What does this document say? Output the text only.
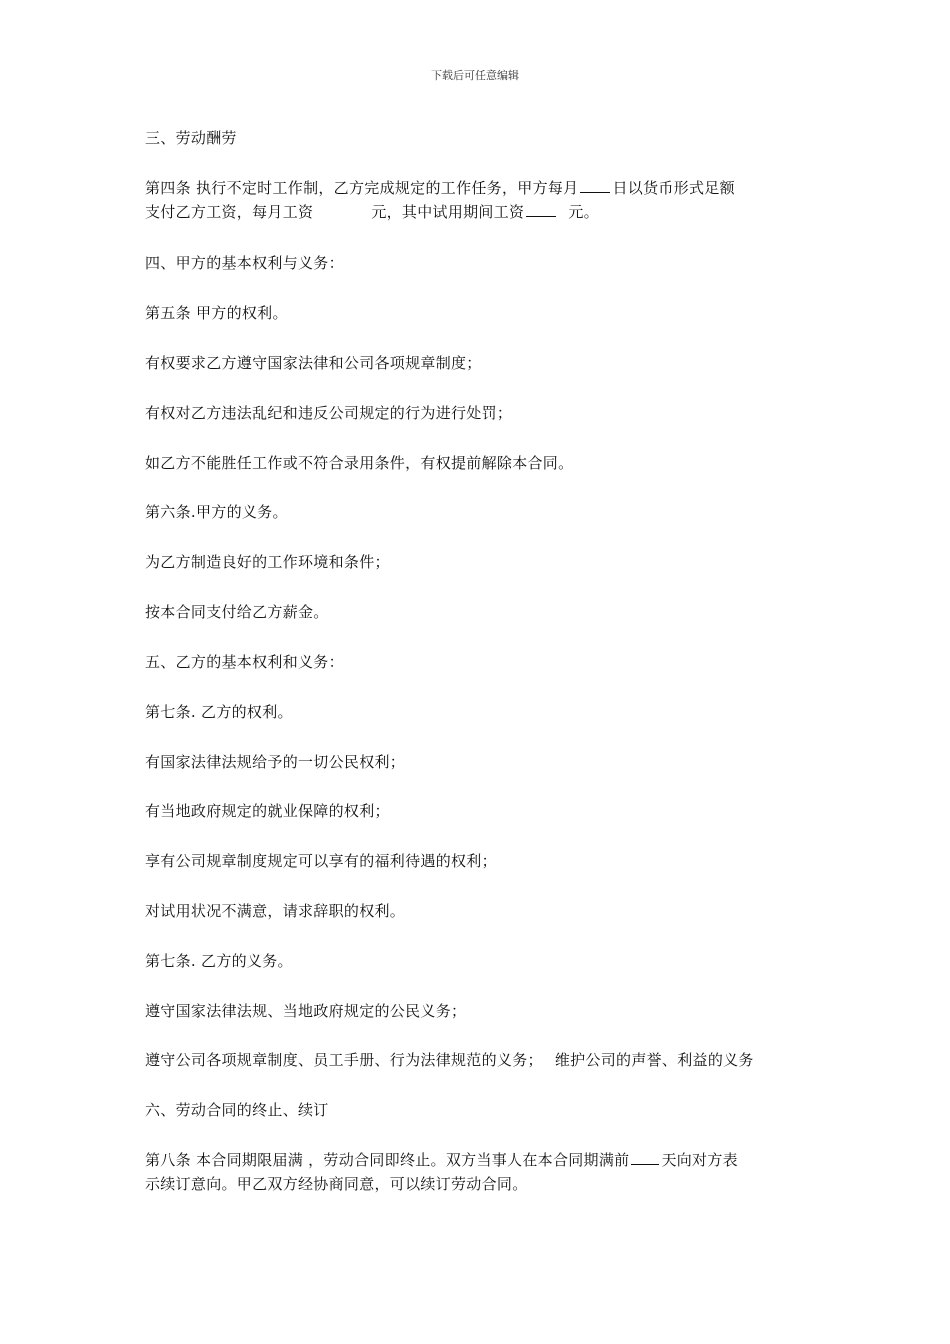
下载后可任意编辑
三、劳动酬劳
第四条 执行不定时工作制，乙方完成规定的工作任务，甲方每月 日以货币形式足额
支付乙方工资，每月工资	元，其中试用期间工资	元。
四、甲方的基本权利与义务：
第五条 甲方的权利。
有权要求乙方遵守国家法律和公司各项规章制度；
有权对乙方违法乱纪和违反公司规定的行为进行处罚；
如乙方不能胜任工作或不符合录用条件，有权提前解除本合同。
第六条.甲方的义务。
为乙方制造良好的工作环境和条件；
按本合同支付给乙方薪金。
五、乙方的基本权利和义务：
第七条. 乙方的权利。
有国家法律法规给予的一切公民权利；
有当地政府规定的就业保障的权利；
享有公司规章制度规定可以享有的福利待遇的权利；
对试用状况不满意，请求辞职的权利。
第七条. 乙方的义务。
遵守国家法律法规、当地政府规定的公民义务；
遵守公司各项规章制度、员工手册、行为法律规范的义务； 维护公司的声誉、利益的义务
六、劳动合同的终止、续订
第八条 本合同期限届满 ，劳动合同即终止。双方当事人在本合同期满前 天向对方表
示续订意向。甲乙双方经协商同意，可以续订劳动合同。
